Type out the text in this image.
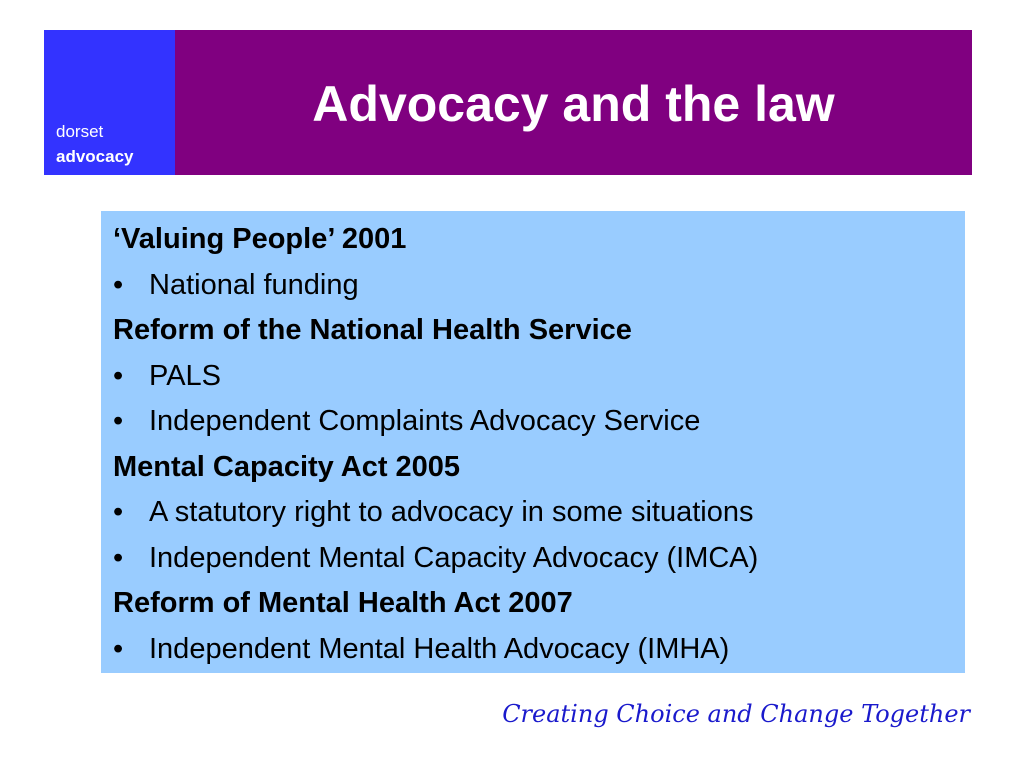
dorset
advocacy
Advocacy and the law
‘Valuing People’ 2001
• National funding
Reform of the National Health Service
• PALS
• Independent Complaints Advocacy Service
Mental Capacity Act 2005
• A statutory right to advocacy in some situations
• Independent Mental Capacity Advocacy (IMCA)
Reform of Mental Health Act 2007
• Independent Mental Health Advocacy (IMHA)
Creating Choice and Change Together
